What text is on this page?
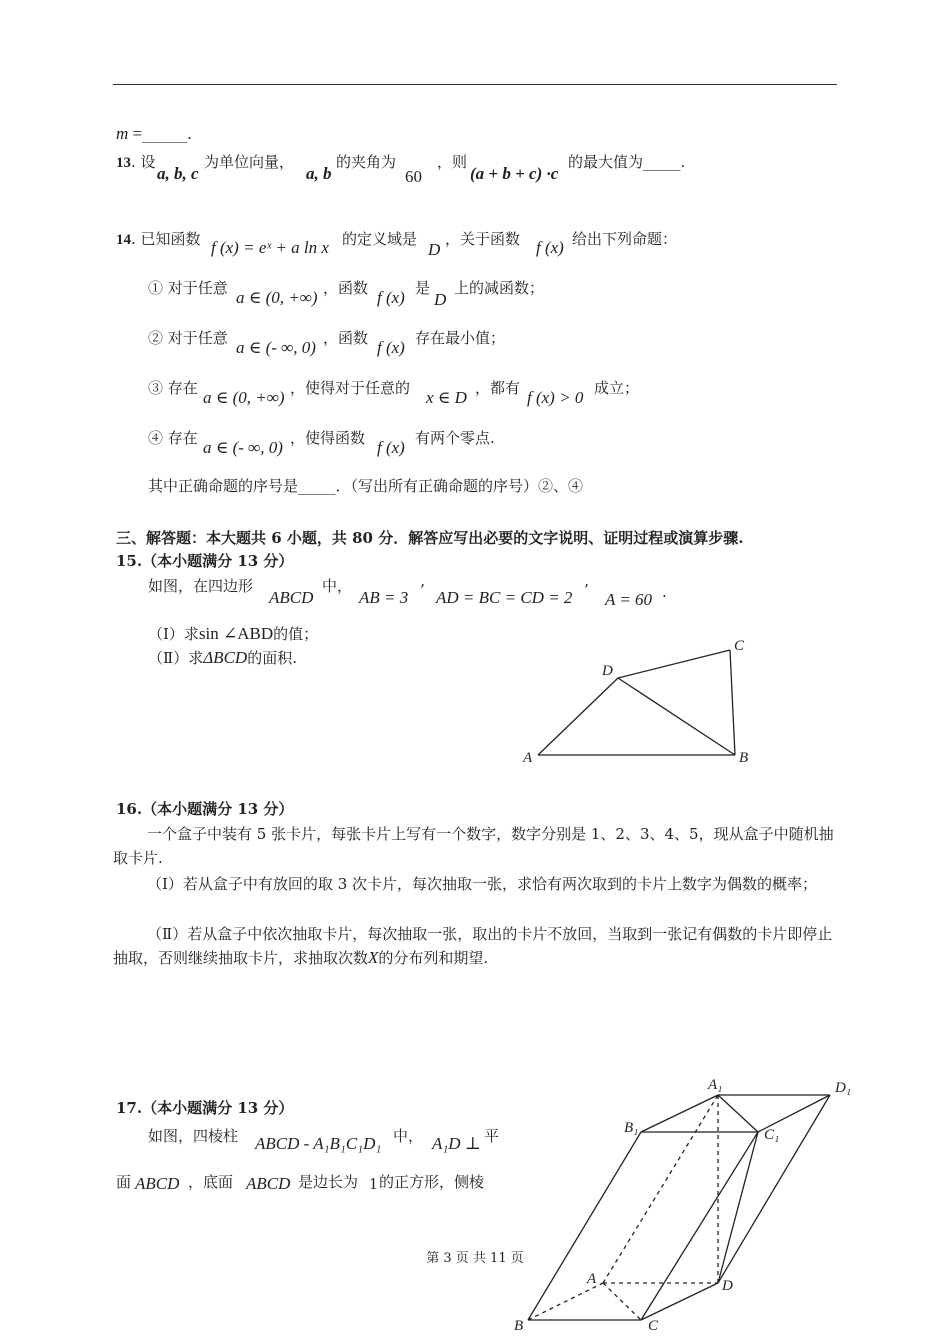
m =______.
13. 设
a, b, c
为单位向量，
a, b
的夹角为
60
，则
(a + b + c) ·c
的最大值为_____.
14. 已知函数 f (x) = eˣ + a ln x 的定义域是
D
，关于函数 f (x) 给出下列命题：
① 对于任意 a ∈ (0, +∞) ，函数 f (x) 是
D
上的减函数；
② 对于任意 a ∈ (- ∞, 0) ，函数 f (x) 存在最小值；
③ 存在 a ∈ (0, +∞) ，使得对于任意的 x ∈ D ，都有 f (x) > 0 成立；
④ 存在 a ∈ (- ∞, 0) ，使得函数 f (x) 有两个零点.
其中正确命题的序号是_____．（写出所有正确命题的序号）②、④
三、解答题：本大题共 6 小题，共 80 分．解答应写出必要的文字说明、证明过程或演算步骤.
15.（本小题满分 13 分）
如图，在四边形
ABCD
中，
AB = 3 ’ AD = BC = CD = 2 ’ A = 60 .
（Ⅰ）求sin ∠ABD的值；
（Ⅱ）求ΔBCD的面积.
A	B
C
D
16.（本小题满分 13 分）
一个盒子中装有 5 张卡片，每张卡片上写有一个数字，数字分别是 1、2、3、4、5，现从盒子中随机抽取卡片.
（Ⅰ）若从盒子中有放回的取 3 次卡片，每次抽取一张，求恰有两次取到的卡片上数字为偶数的概率；
（Ⅱ）若从盒子中依次抽取卡片，每次抽取一张，取出的卡片不放回，当取到一张记有偶数的卡片即停止抽取，否则继续抽取卡片，求抽取次数X的分布列和期望.
17.（本小题满分 13 分）
如图，四棱柱 ABCD - A₁B₁C₁D₁ 中， A₁D ⊥ 平
面 ABCD ，底面 ABCD 是边长为 1 的正方形，侧棱
A₁	D₁
B₁	C₁
A	D
B	C
第 3 页 共 11 页
